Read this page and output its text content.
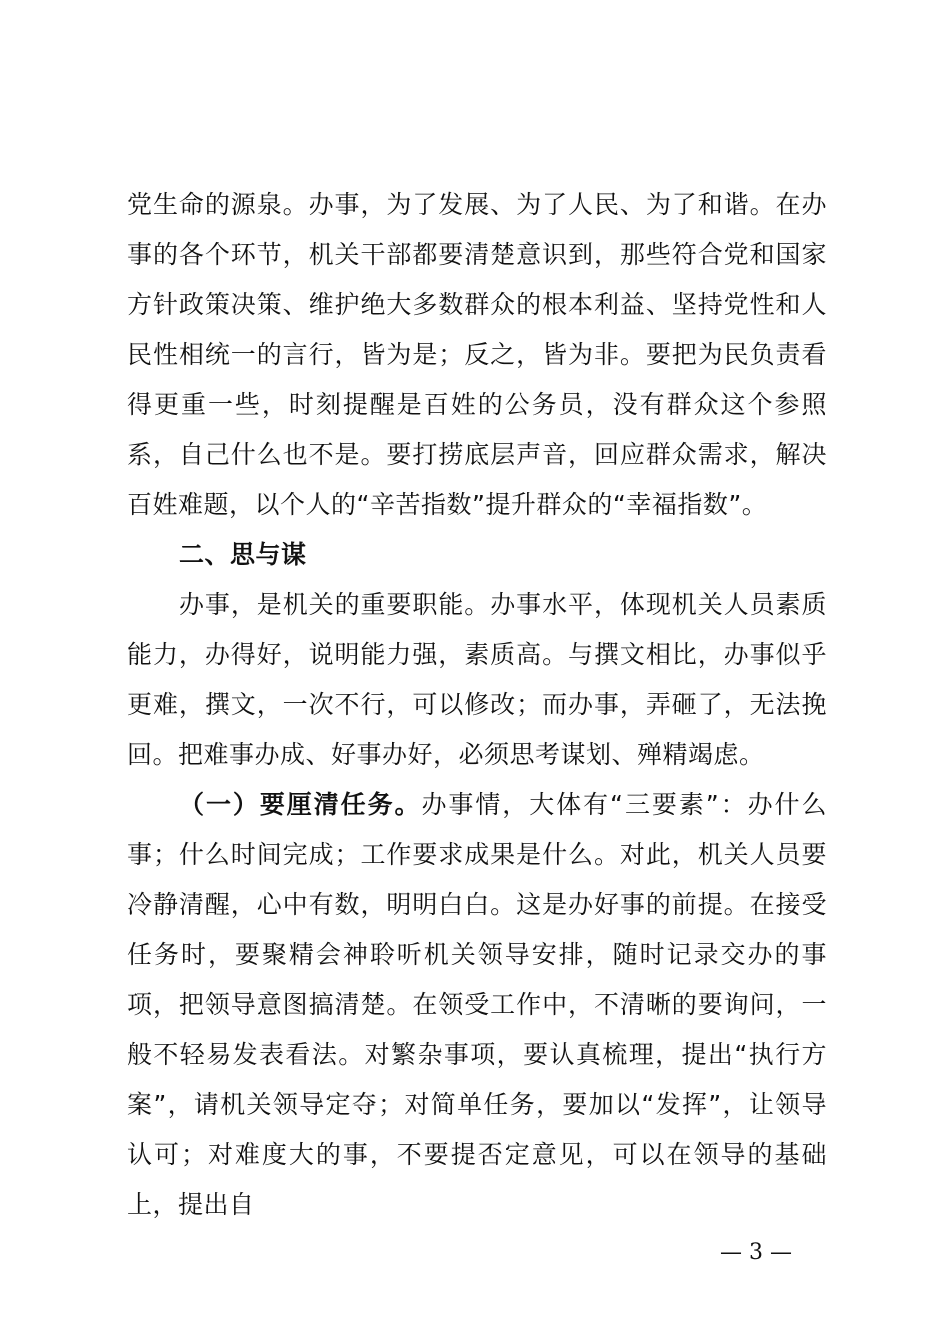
党生命的源泉。办事，为了发展、为了人民、为了和谐。在办事的各个环节，机关干部都要清楚意识到，那些符合党和国家方针政策决策、维护绝大多数群众的根本利益、坚持党性和人民性相统一的言行，皆为是；反之，皆为非。要把为民负责看得更重一些，时刻提醒是百姓的公务员，没有群众这个参照系，自己什么也不是。要打捞底层声音，回应群众需求，解决百姓难题，以个人的“辛苦指数”提升群众的“幸福指数”。

二、思与谋

办事，是机关的重要职能。办事水平，体现机关人员素质能力，办得好，说明能力强，素质高。与撰文相比，办事似乎更难，撰文，一次不行，可以修改；而办事，弄砸了，无法挽回。把难事办成、好事办好，必须思考谋划、殚精竭虑。

（一）要厘清任务。办事情，大体有“三要素”：办什么事；什么时间完成；工作要求成果是什么。对此，机关人员要冷静清醒，心中有数，明明白白。这是办好事的前提。在接受任务时，要聚精会神聆听机关领导安排，随时记录交办的事项，把领导意图搞清楚。在领受工作中，不清晰的要询问，一般不轻易发表看法。对繁杂事项，要认真梳理，提出“执行方案”，请机关领导定夺；对简单任务，要加以“发挥”，让领导认可；对难度大的事，不要提否定意见，可以在领导的基础上，提出自

— 3 —
